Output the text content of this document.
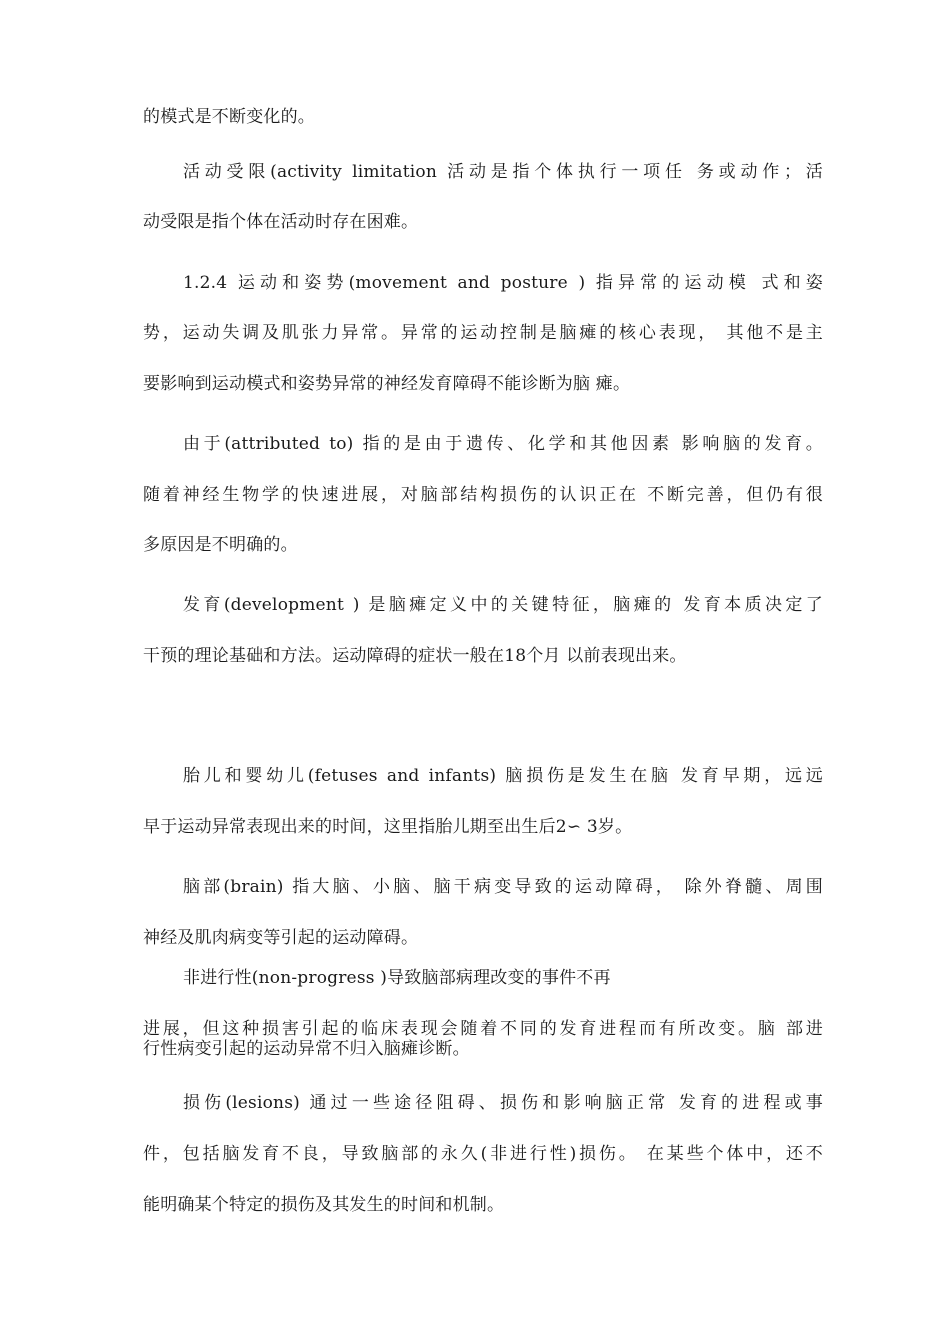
的模式是不断变化的。
活动受限(activity limitation 活动是指个体执行一项任 务或动作；活
动受限是指个体在活动时存在困难。
1.2.4 运动和姿势(movement and posture ) 指异常的运动模 式和姿
势，运动失调及肌张力异常。异常的运动控制是脑瘫的核心表现， 其他不是主
要影响到运动模式和姿势异常的神经发育障碍不能诊断为脑 瘫。
由于(attributed to) 指的是由于遗传、化学和其他因素 影响脑的发育。
随着神经生物学的快速进展，对脑部结构损伤的认识正在 不断完善，但仍有很
多原因是不明确的。
发育(development ) 是脑瘫定义中的关键特征，脑瘫的 发育本质决定了
干预的理论基础和方法。运动障碍的症状一般在18个月 以前表现出来。
胎儿和婴幼儿(fetuses and infants) 脑损伤是发生在脑 发育早期，远远
早于运动异常表现出来的时间，这里指胎儿期至出生后2∽ 3岁。
脑部(brain) 指大脑、小脑、脑干病变导致的运动障碍， 除外脊髓、周围
神经及肌肉病变等引起的运动障碍。
非进行性(non-progress )导致脑部病理改变的事件不再
进展，但这种损害引起的临床表现会随着不同的发育进程而有所改变。脑 部进
行性病变引起的运动异常不归入脑瘫诊断。
损伤(lesions) 通过一些途径阻碍、损伤和影响脑正常 发育的进程或事
件，包括脑发育不良，导致脑部的永久(非进行性)损伤。 在某些个体中，还不
能明确某个特定的损伤及其发生的时间和机制。
